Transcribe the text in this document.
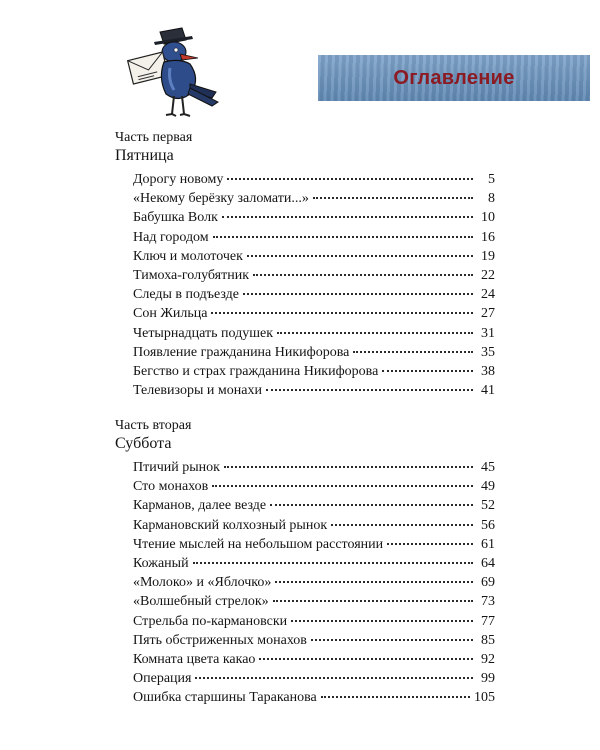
Оглавление
Часть первая
Пятница
Дорогу новому	5
«Некому берёзку заломати...»	8
Бабушка Волк	10
Над городом	16
Ключ и молоточек	19
Тимоха-голубятник	22
Следы в подъезде	24
Сон Жильца	27
Четырнадцать подушек	31
Появление гражданина Никифорова	35
Бегство и страх гражданина Никифорова	38
Телевизоры и монахи	41
Часть вторая
Суббота
Птичий рынок	45
Сто монахов	49
Карманов, далее везде	52
Кармановский колхозный рынок	56
Чтение мыслей на небольшом расстоянии	61
Кожаный	64
«Молоко» и «Яблочко»	69
«Волшебный стрелок»	73
Стрельба по-кармановски	77
Пять обстриженных монахов	85
Комната цвета какао	92
Операция	99
Ошибка старшины Тараканова	105
